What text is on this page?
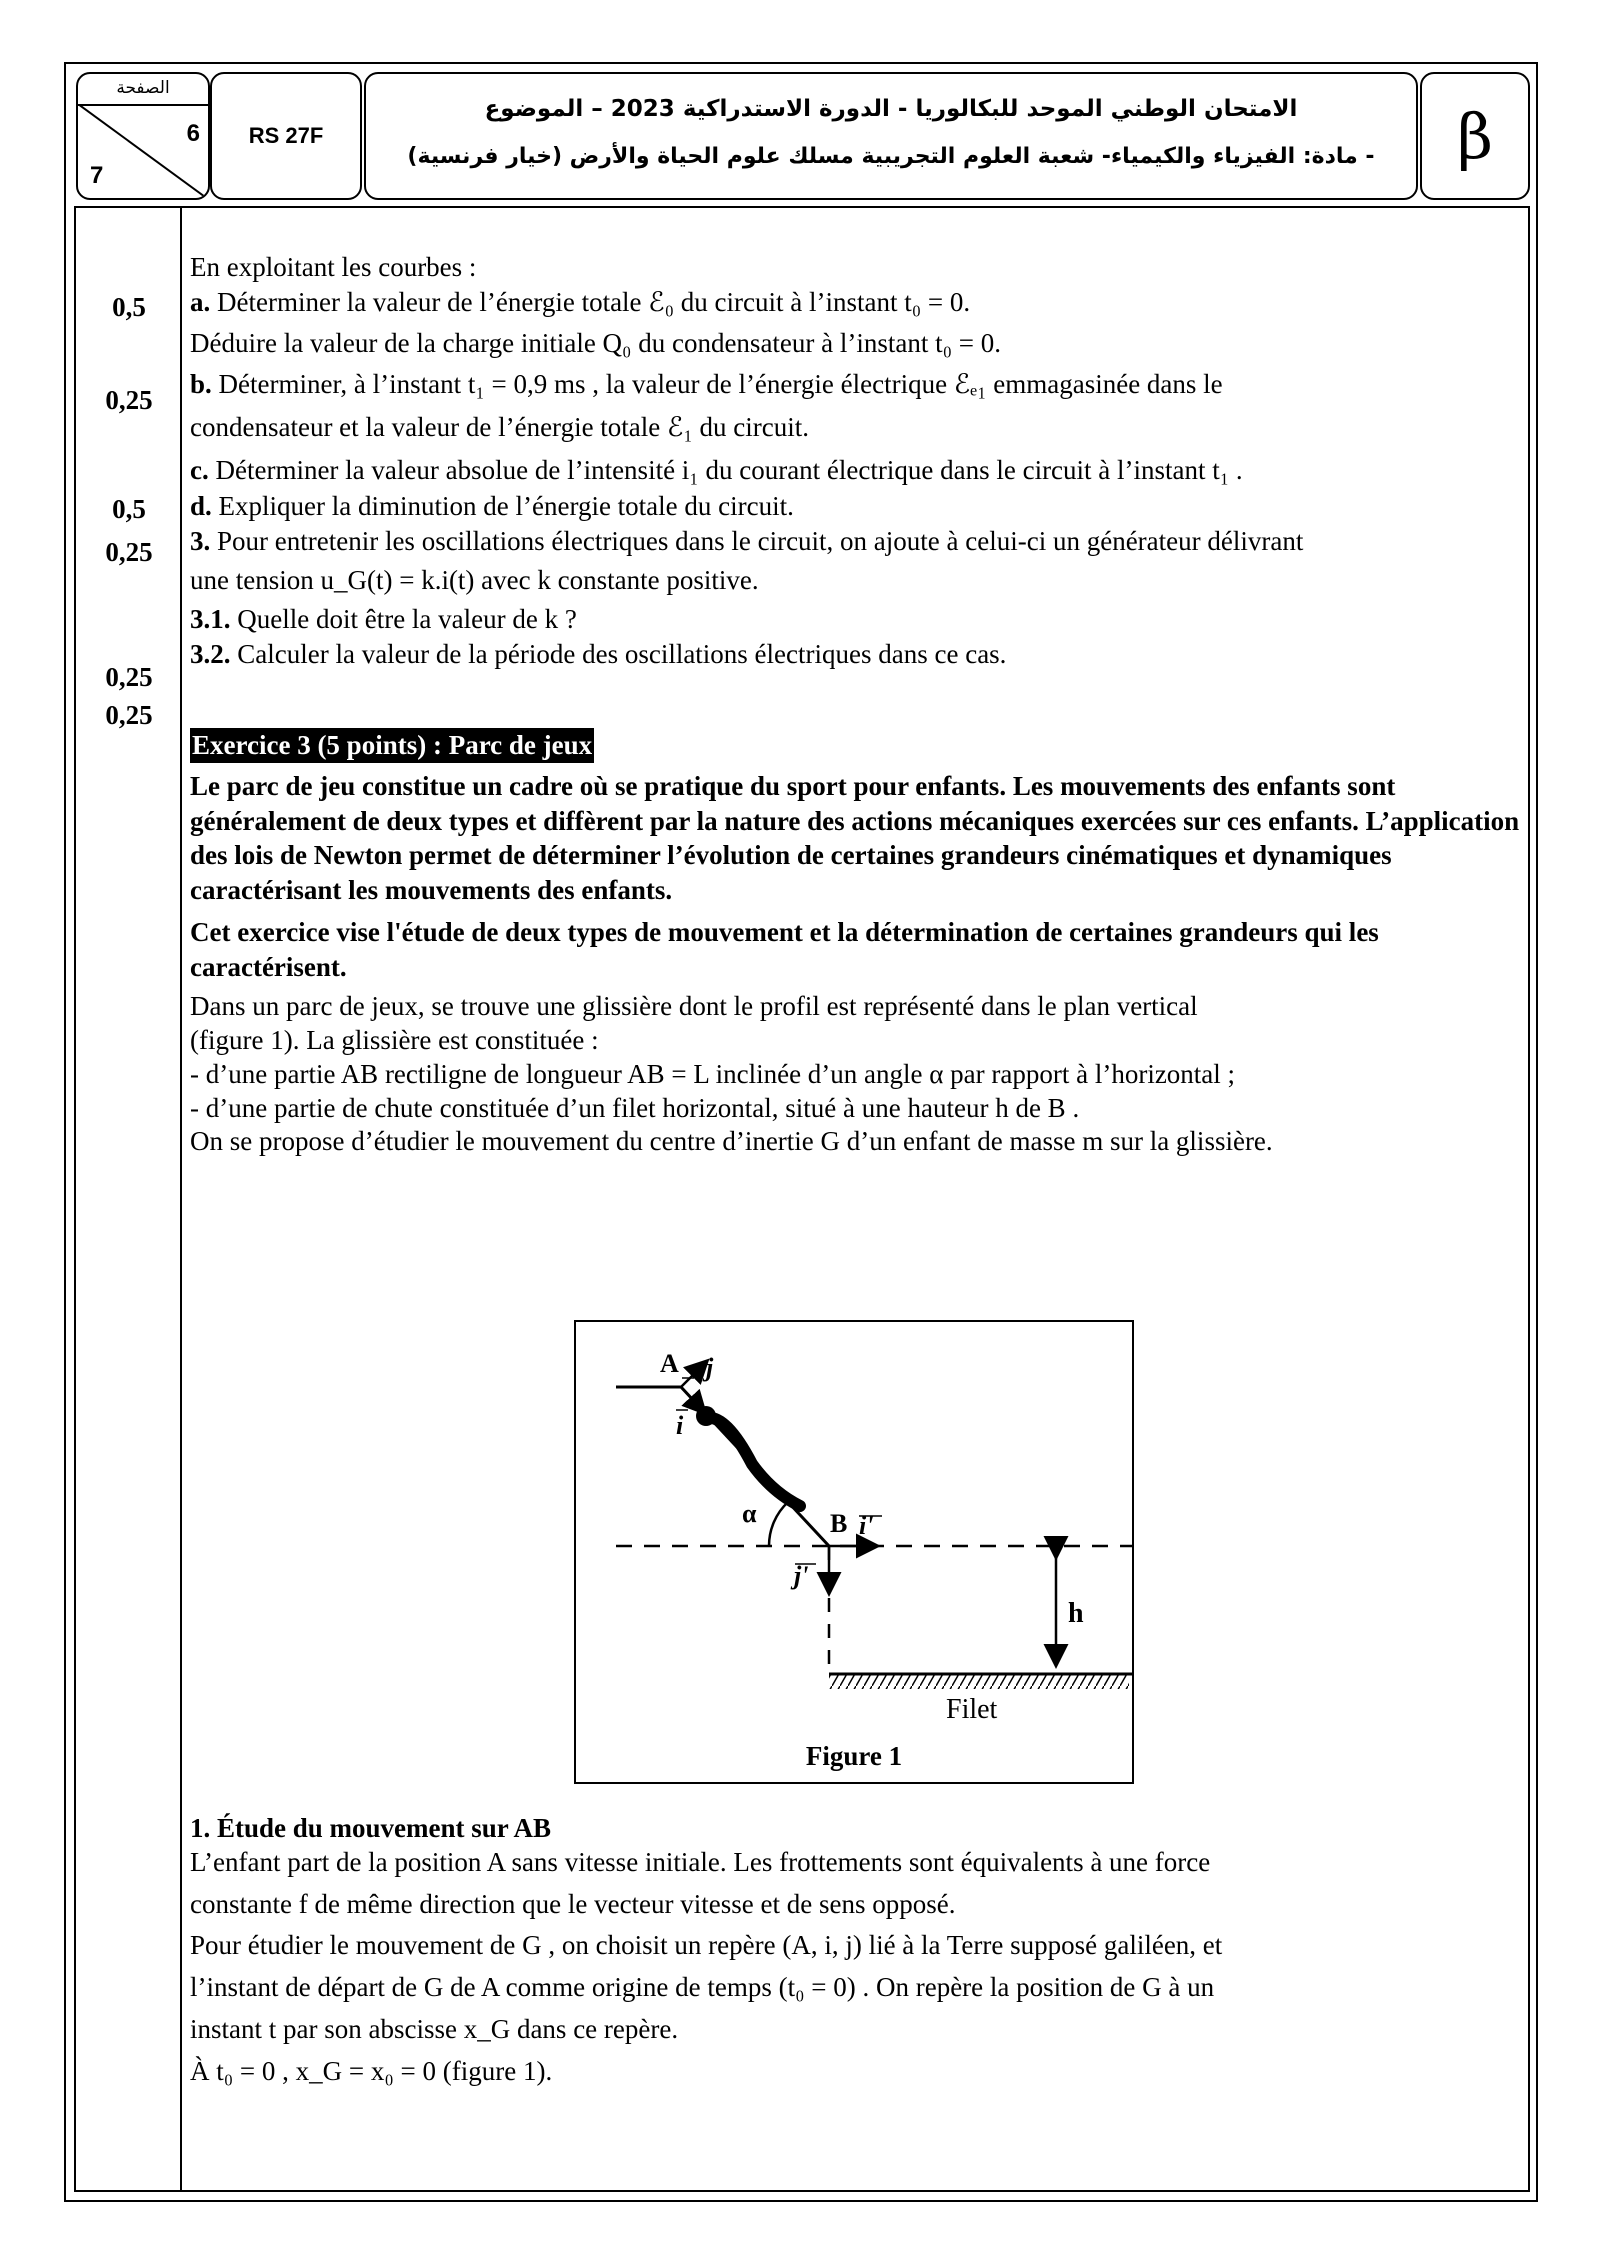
الصفحة
6
7
RS 27F
الامتحان الوطني الموحد للبكالوريا - الدورة الاستدراكية 2023 – الموضوع
- مادة: الفيزياء والكيمياء- شعبة العلوم التجريبية مسلك علوم الحياة والأرض (خيار فرنسية)	β
0,5
0,25
0,5
0,25
0,25
0,25

En exploitant les courbes :

a. Déterminer la valeur de l’énergie totale ℰ₀ du circuit à l’instant t₀ = 0.

Déduire la valeur de la charge initiale Q₀ du condensateur à l’instant t₀ = 0.

b. Déterminer, à l’instant t₁ = 0,9 ms , la valeur de l’énergie électrique ℰₑ₁ emmagasinée dans le

condensateur et la valeur de l’énergie totale ℰ₁ du circuit.

c. Déterminer la valeur absolue de l’intensité i₁ du courant électrique dans le circuit à l’instant t₁ .

d. Expliquer la diminution de l’énergie totale du circuit.

3. Pour entretenir les oscillations électriques dans le circuit, on ajoute à celui-ci un générateur délivrant

une tension u_G(t) = k.i(t) avec k constante positive.

3.1. Quelle doit être la valeur de k ?

3.2. Calculer la valeur de la période des oscillations électriques dans ce cas.

Exercice 3 (5 points) : Parc de jeux

Le parc de jeu constitue un cadre où se pratique du sport pour enfants. Les mouvements des enfants sont généralement de deux types et diffèrent par la nature des actions mécaniques exercées sur ces enfants. L’application des lois de Newton permet de déterminer l’évolution de certaines grandeurs cinématiques et dynamiques caractérisant les mouvements des enfants.

Cet exercice vise l'étude de deux types de mouvement et la détermination de certaines grandeurs qui les caractérisent.

Dans un parc de jeux, se trouve une glissière dont le profil est représenté dans le plan vertical

(figure 1). La glissière est constituée :

- d’une partie AB rectiligne de longueur AB = L inclinée d’un angle α par rapport à l’horizontal ;

- d’une partie de chute constituée d’un filet horizontal, situé à une hauteur h de B .

On se propose d’étudier le mouvement du centre d’inertie G d’un enfant de masse m sur la glissière.

A j
i
α	B i'
j'
h
Filet
Figure 1

1. Étude du mouvement sur AB

L’enfant part de la position A sans vitesse initiale. Les frottements sont équivalents à une force

constante f de même direction que le vecteur vitesse et de sens opposé.

Pour étudier le mouvement de G , on choisit un repère (A, i, j) lié à la Terre supposé galiléen, et

l’instant de départ de G de A comme origine de temps (t₀ = 0) . On repère la position de G à un

instant t par son abscisse x_G dans ce repère.

À t₀ = 0 , x_G = x₀ = 0 (figure 1).
